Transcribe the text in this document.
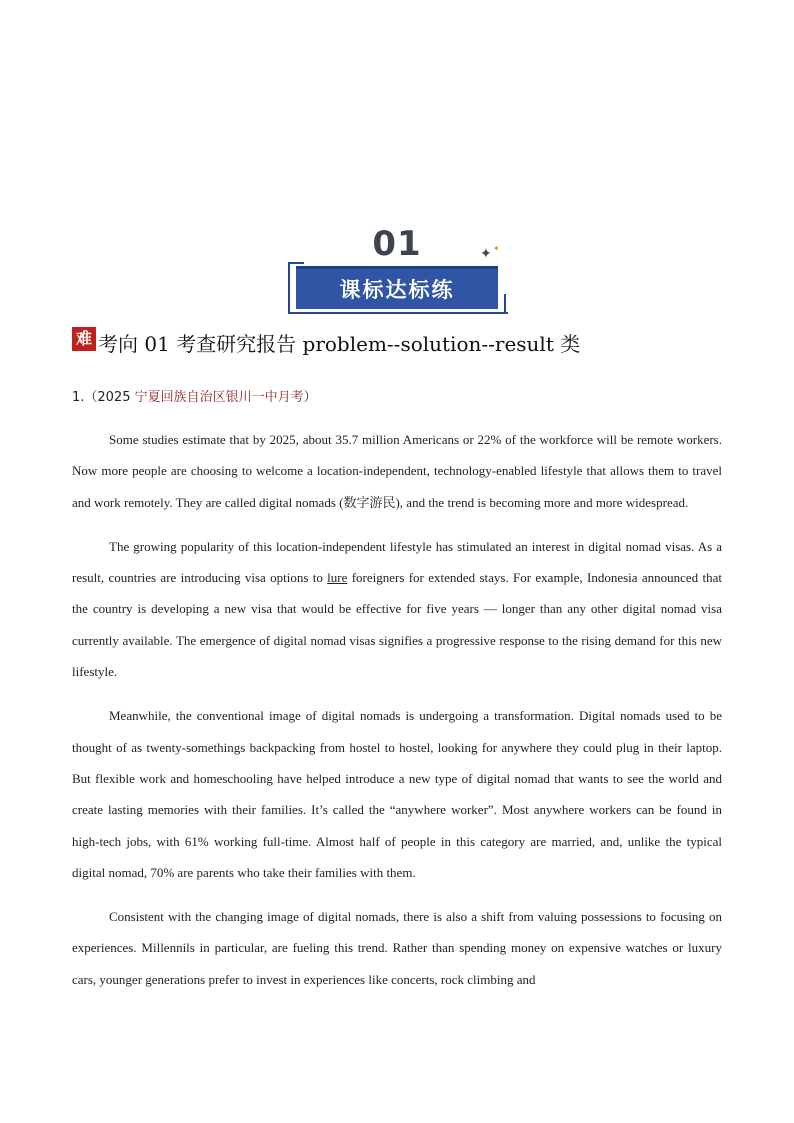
01	✦ ✦
课标达标练
难 考向 01 考查研究报告 problem--solution--result 类
1.（2025 宁夏回族自治区银川一中月考）

Some studies estimate that by 2025, about 35.7 million Americans or 22% of the workforce will be remote workers. Now more people are choosing to welcome a location-independent, technology-enabled lifestyle that allows them to travel and work remotely. They are called digital nomads (数字游民), and the trend is becoming more and more widespread.

The growing popularity of this location-independent lifestyle has stimulated an interest in digital nomad visas. As a result, countries are introducing visa options to lure foreigners for extended stays. For example, Indonesia announced that the country is developing a new visa that would be effective for five years — longer than any other digital nomad visa currently available. The emergence of digital nomad visas signifies a progressive response to the rising demand for this new lifestyle.

Meanwhile, the conventional image of digital nomads is undergoing a transformation. Digital nomads used to be thought of as twenty-somethings backpacking from hostel to hostel, looking for anywhere they could plug in their laptop. But flexible work and homeschooling have helped introduce a new type of digital nomad that wants to see the world and create lasting memories with their families. It’s called the “anywhere worker”. Most anywhere workers can be found in high-tech jobs, with 61% working full-time. Almost half of people in this category are married, and, unlike the typical digital nomad, 70% are parents who take their families with them.

Consistent with the changing image of digital nomads, there is also a shift from valuing possessions to focusing on experiences. Millennils in particular, are fueling this trend. Rather than spending money on expensive watches or luxury cars, younger generations prefer to invest in experiences like concerts, rock climbing and
